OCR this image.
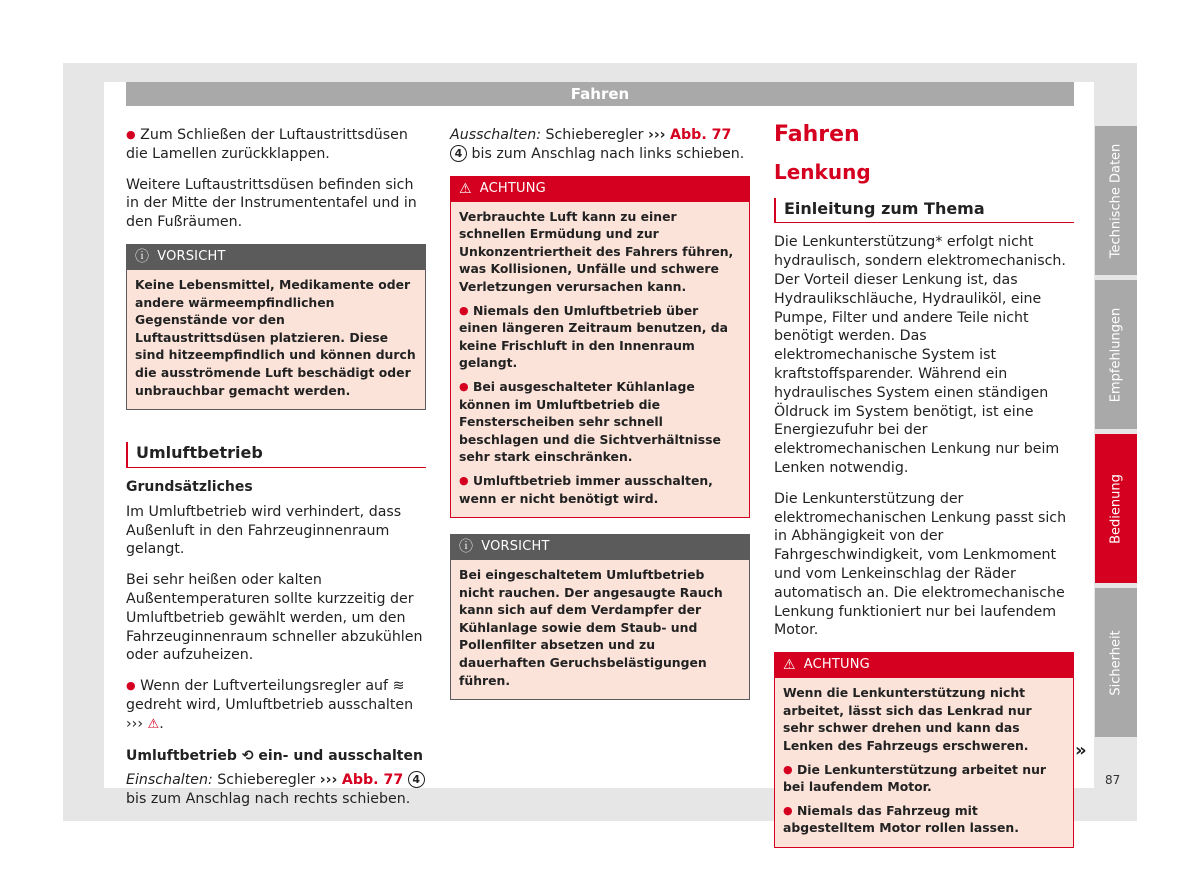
Fahren

● Zum Schließen der Luftaustrittsdüsen die Lamellen zurückklappen.

Weitere Luftaustrittsdüsen befinden sich in der Mitte der Instrumententafel und in den Fußräumen.

ⓘ VORSICHT

Keine Lebensmittel, Medikamente oder andere wärmeempfindlichen Gegenstände vor den Luftaustrittsdüsen platzieren. Diese sind hitzeempfindlich und können durch die ausströmende Luft beschädigt oder unbrauchbar gemacht werden.

Umluftbetrieb
Grundsätzliches

Im Umluftbetrieb wird verhindert, dass Außenluft in den Fahrzeuginnenraum gelangt.

Bei sehr heißen oder kalten Außentemperaturen sollte kurzzeitig der Umluftbetrieb gewählt werden, um den Fahrzeuginnenraum schneller abzukühlen oder aufzuheizen.

● Wenn der Luftverteilungsregler auf ≋ gedreht wird, Umluftbetrieb ausschalten ››› ⚠.

Umluftbetrieb ⟲ ein- und ausschalten

Einschalten: Schieberegler ››› Abb. 77 4 bis zum Anschlag nach rechts schieben.

Ausschalten: Schieberegler ››› Abb. 77 4 bis zum Anschlag nach links schieben.

⚠ ACHTUNG

Verbrauchte Luft kann zu einer schnellen Ermüdung und zur Unkonzentriertheit des Fahrers führen, was Kollisionen, Unfälle und schwere Verletzungen verursachen kann.

● Niemals den Umluftbetrieb über einen längeren Zeitraum benutzen, da keine Frischluft in den Innenraum gelangt.

● Bei ausgeschalteter Kühlanlage können im Umluftbetrieb die Fensterscheiben sehr schnell beschlagen und die Sichtverhältnisse sehr stark einschränken.

● Umluftbetrieb immer ausschalten, wenn er nicht benötigt wird.

ⓘ VORSICHT

Bei eingeschaltetem Umluftbetrieb nicht rauchen. Der angesaugte Rauch kann sich auf dem Verdampfer der Kühlanlage sowie dem Staub- und Pollenfilter absetzen und zu dauerhaften Geruchsbelästigungen führen.

Fahren
Lenkung
Einleitung zum Thema

Die Lenkunterstützung* erfolgt nicht hydraulisch, sondern elektromechanisch. Der Vorteil dieser Lenkung ist, das Hydraulikschläuche, Hydrauliköl, eine Pumpe, Filter und andere Teile nicht benötigt werden. Das elektromechanische System ist kraftstoffsparender. Während ein hydraulisches System einen ständigen Öldruck im System benötigt, ist eine Energiezufuhr bei der elektromechanischen Lenkung nur beim Lenken notwendig.

Die Lenkunterstützung der elektromechanischen Lenkung passt sich in Abhängigkeit von der Fahrgeschwindigkeit, vom Lenkmoment und vom Lenkeinschlag der Räder automatisch an. Die elektromechanische Lenkung funktioniert nur bei laufendem Motor.

⚠ ACHTUNG

Wenn die Lenkunterstützung nicht arbeitet, lässt sich das Lenkrad nur sehr schwer drehen und kann das Lenken des Fahrzeugs erschweren.

● Die Lenkunterstützung arbeitet nur bei laufendem Motor.

● Niemals das Fahrzeug mit abgestelltem Motor rollen lassen.

»
Technische Daten
Empfehlungen
Bedienung
Sicherheit
87
